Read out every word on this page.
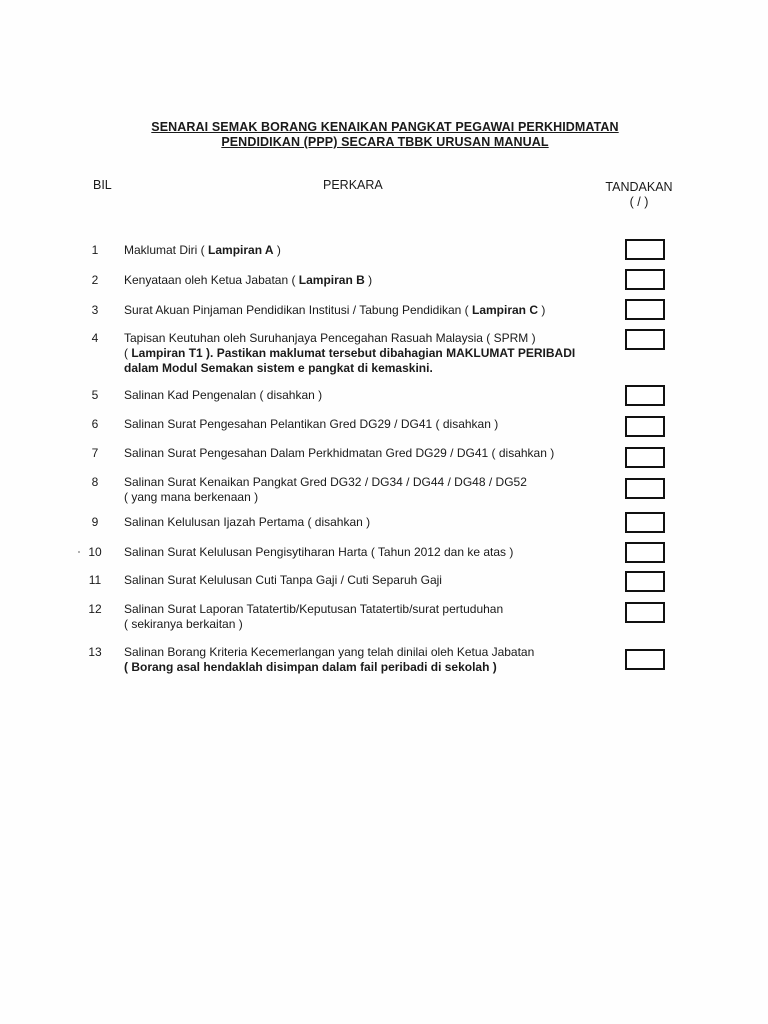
SENARAI SEMAK BORANG KENAIKAN PANGKAT PEGAWAI PERKHIDMATAN
PENDIDIKAN (PPP) SECARA TBBK URUSAN MANUAL
BIL	PERKARA	TANDAKAN
( / )
1	Maklumat Diri ( Lampiran A )
2	Kenyataan oleh Ketua Jabatan ( Lampiran B )
3	Surat Akuan Pinjaman Pendidikan Institusi / Tabung Pendidikan ( Lampiran C )
4	Tapisan Keutuhan oleh Suruhanjaya Pencegahan Rasuah Malaysia ( SPRM )
( Lampiran T1 ). Pastikan maklumat tersebut dibahagian MAKLUMAT PERIBADI
dalam Modul Semakan sistem e pangkat di kemaskini.
5	Salinan Kad Pengenalan ( disahkan )
6	Salinan Surat Pengesahan Pelantikan Gred DG29 / DG41 ( disahkan )
7	Salinan Surat Pengesahan Dalam Perkhidmatan Gred DG29 / DG41 ( disahkan )
8	Salinan Surat Kenaikan Pangkat Gred DG32 / DG34 / DG44 / DG48 / DG52
( yang mana berkenaan )
9	Salinan Kelulusan Ijazah Pertama ( disahkan )
10 Salinan Surat Kelulusan Pengisytiharan Harta ( Tahun 2012 dan ke atas )
11 Salinan Surat Kelulusan Cuti Tanpa Gaji / Cuti Separuh Gaji
12 Salinan Surat Laporan Tatatertib/Keputusan Tatatertib/surat pertuduhan
( sekiranya berkaitan )
13 Salinan Borang Kriteria Kecemerlangan yang telah dinilai oleh Ketua Jabatan
( Borang asal hendaklah disimpan dalam fail peribadi di sekolah )
